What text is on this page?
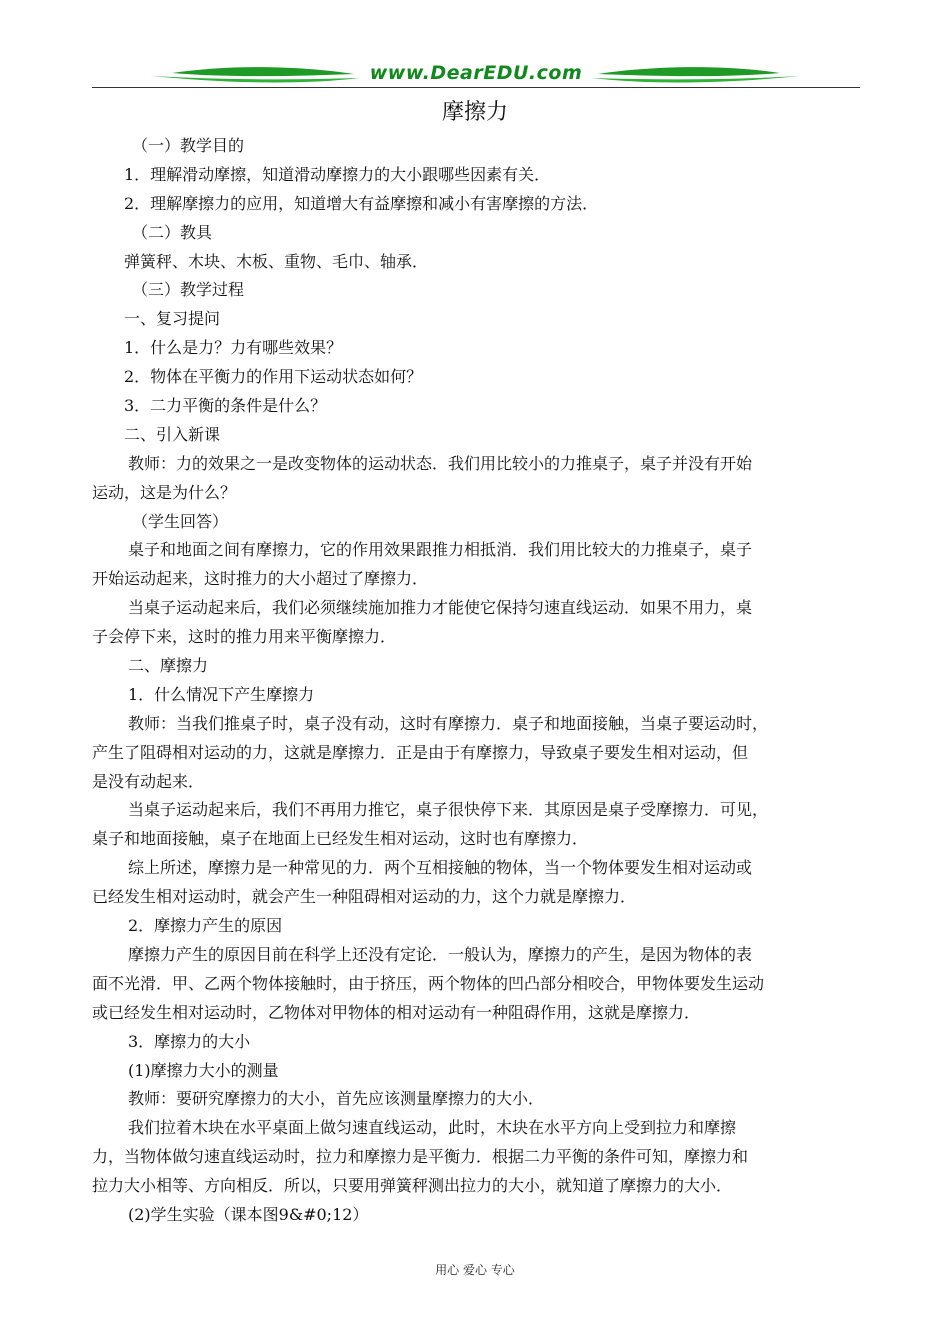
www.DearEDU.com
摩擦力
（一）教学目的
1．理解滑动摩擦，知道滑动摩擦力的大小跟哪些因素有关．
2．理解摩擦力的应用，知道增大有益摩擦和减小有害摩擦的方法．
（二）教具
弹簧秤、木块、木板、重物、毛巾、轴承．
（三）教学过程
一、复习提问
1．什么是力？力有哪些效果？
2．物体在平衡力的作用下运动状态如何？
3．二力平衡的条件是什么？
二、引入新课
教师：力的效果之一是改变物体的运动状态．我们用比较小的力推桌子，桌子并没有开始
运动，这是为什么？
（学生回答）
桌子和地面之间有摩擦力，它的作用效果跟推力相抵消．我们用比较大的力推桌子，桌子
开始运动起来，这时推力的大小超过了摩擦力．
当桌子运动起来后，我们必须继续施加推力才能使它保持匀速直线运动．如果不用力，桌
子会停下来，这时的推力用来平衡摩擦力．
二、摩擦力
1．什么情况下产生摩擦力
教师：当我们推桌子时，桌子没有动，这时有摩擦力．桌子和地面接触，当桌子要运动时，
产生了阻碍相对运动的力，这就是摩擦力．正是由于有摩擦力，导致桌子要发生相对运动，但
是没有动起来．
当桌子运动起来后，我们不再用力推它，桌子很快停下来．其原因是桌子受摩擦力．可见，
桌子和地面接触，桌子在地面上已经发生相对运动，这时也有摩擦力．
综上所述，摩擦力是一种常见的力．两个互相接触的物体，当一个物体要发生相对运动或
已经发生相对运动时，就会产生一种阻碍相对运动的力，这个力就是摩擦力．
2．摩擦力产生的原因
摩擦力产生的原因目前在科学上还没有定论．一般认为，摩擦力的产生，是因为物体的表
面不光滑．甲、乙两个物体接触时，由于挤压，两个物体的凹凸部分相咬合，甲物体要发生运动
或已经发生相对运动时，乙物体对甲物体的相对运动有一种阻碍作用，这就是摩擦力．
3．摩擦力的大小
(1)摩擦力大小的测量
教师：要研究摩擦力的大小，首先应该测量摩擦力的大小．
我们拉着木块在水平桌面上做匀速直线运动，此时，木块在水平方向上受到拉力和摩擦
力，当物体做匀速直线运动时，拉力和摩擦力是平衡力．根据二力平衡的条件可知，摩擦力和
拉力大小相等、方向相反．所以，只要用弹簧秤测出拉力的大小，就知道了摩擦力的大小．
(2)学生实验（课本图9&#0;12）
用心 爱心 专心
